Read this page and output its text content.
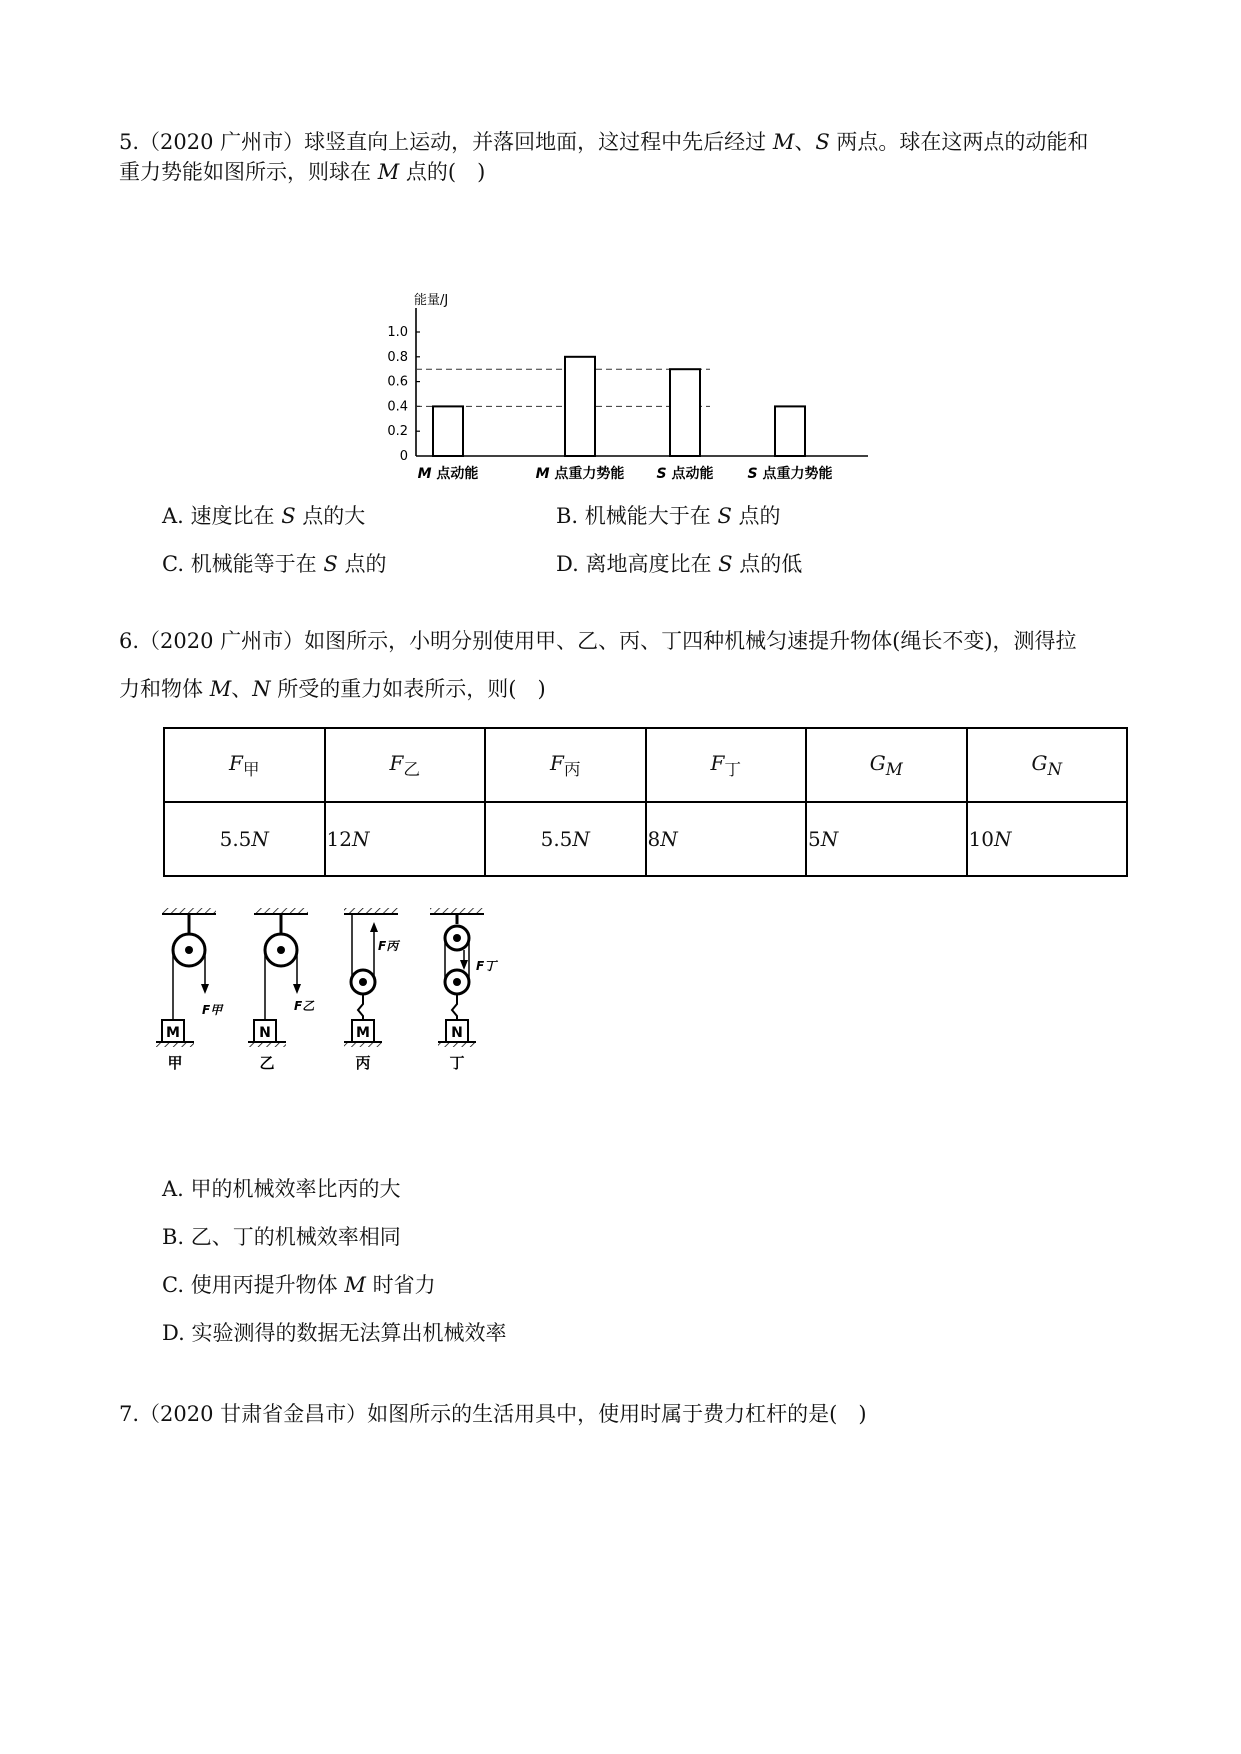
5.（2020 广州市）球竖直向上运动，并落回地面，这过程中先后经过 M、S 两点。球在这两点的动能和
重力势能如图所示，则球在 M 点的(　)
能量/J
0
0.2
0.4
0.6
0.8
1.0
M 点动能	M 点重力势能 S 点动能 S 点重力势能
A. 速度比在 S 点的大	B. 机械能大于在 S 点的
C. 机械能等于在 S 点的	D. 离地高度比在 S 点的低
6.（2020 广州市）如图所示，小明分别使用甲、乙、丙、丁四种机械匀速提升物体(绳长不变)，测得拉
力和物体 M、N 所受的重力如表所示，则(　)
$F_甲$	$F_乙$	$F_丙$	$F_丁$	$G_M$	$G_N$
5.5N	12N	5.5N	8N	5N	10N
F甲
M
甲
F乙
N
乙
F丙
M
丙
F丁
N
丁
A. 甲的机械效率比丙的大
B. 乙、丁的机械效率相同
C. 使用丙提升物体 M 时省力
D. 实验测得的数据无法算出机械效率
7.（2020 甘肃省金昌市）如图所示的生活用具中，使用时属于费力杠杆的是(　)
